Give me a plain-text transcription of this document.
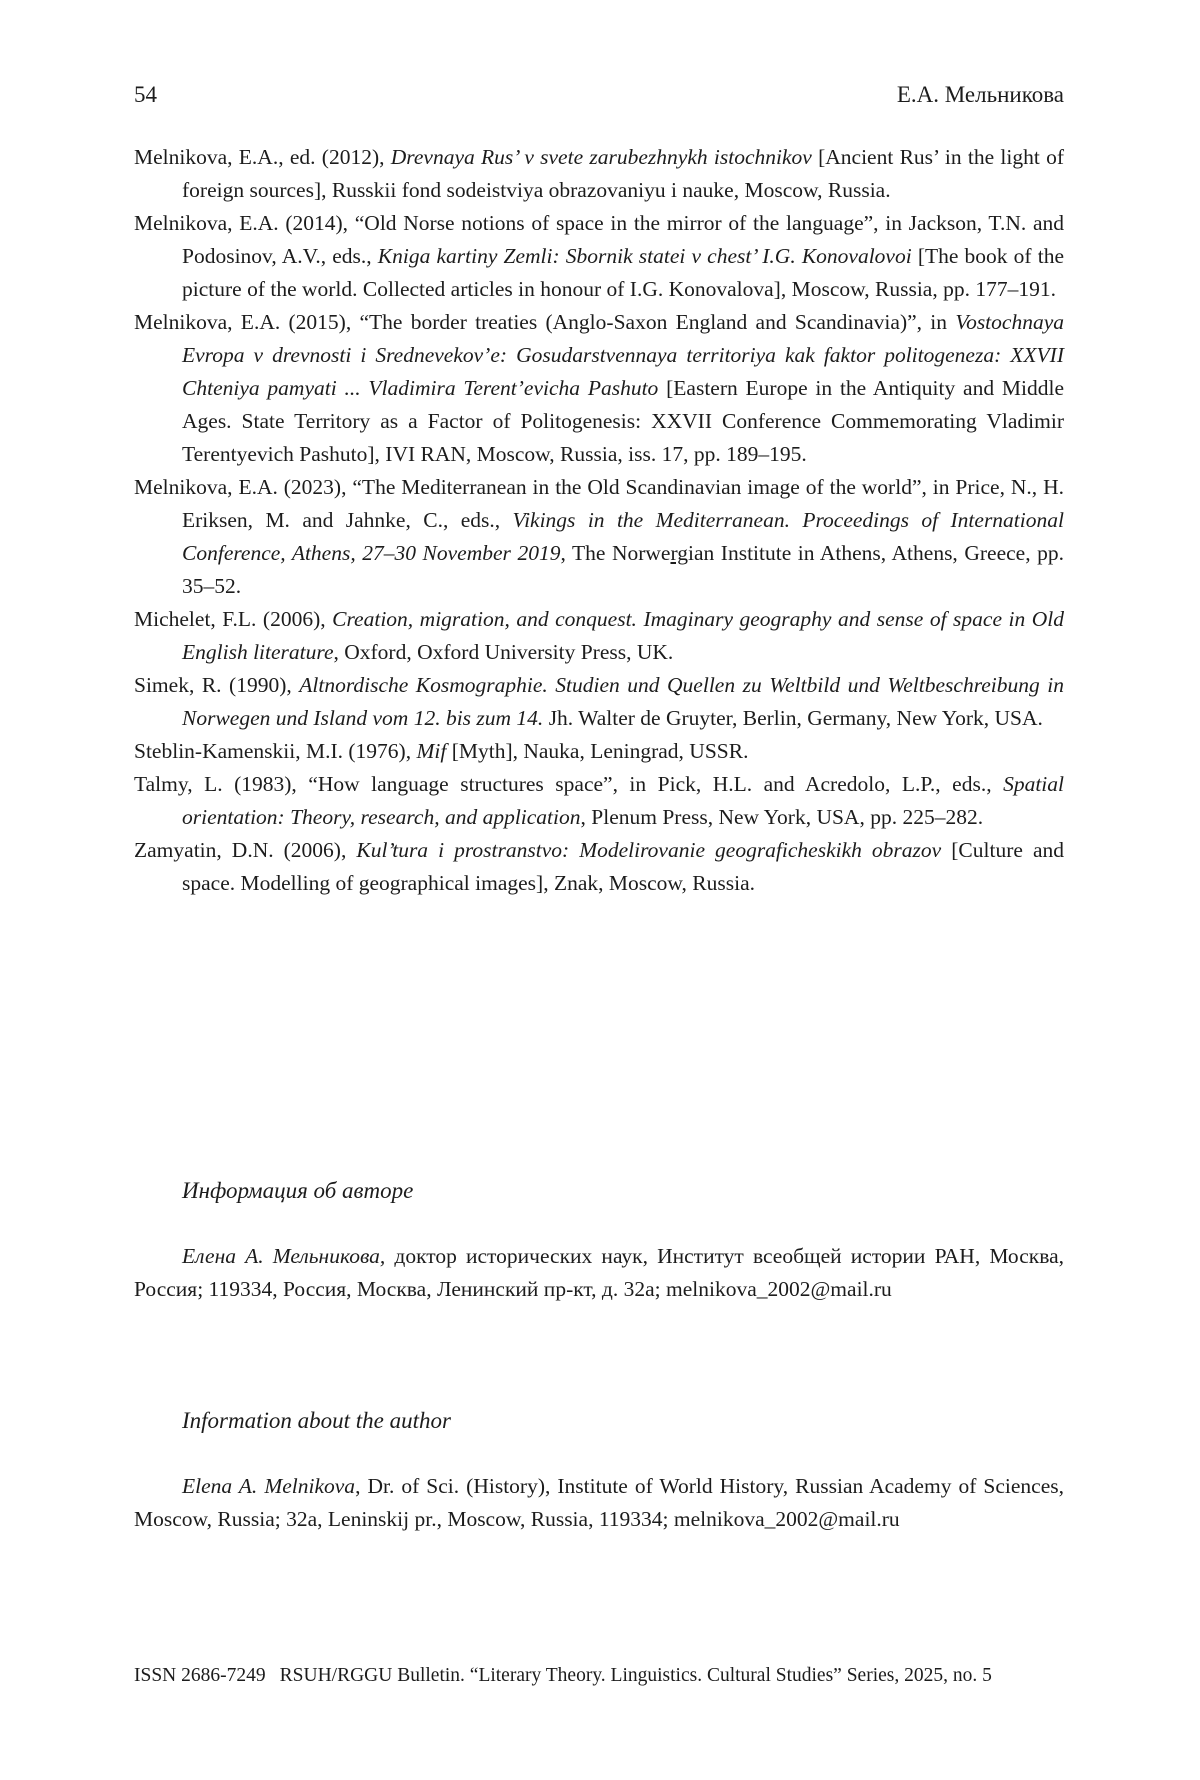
54	Е.А. Мельникова

Melnikova, E.A., ed. (2012), Drevnaya Rus’ v svete zarubezhnykh istochnikov [Ancient Rus’ in the light of foreign sources], Russkii fond sodeistviya obrazovaniyu i nauke, Moscow, Russia.

Melnikova, E.A. (2014), “Old Norse notions of space in the mirror of the language”, in Jackson, T.N. and Podosinov, A.V., eds., Kniga kartiny Zemli: Sbornik statei v chest’ I.G. Konovalovoi [The book of the picture of the world. Collected articles in honour of I.G. Konovalova], Moscow, Russia, pp. 177–191.

Melnikova, E.A. (2015), “The border treaties (Anglo-Saxon England and Scandinavia)”, in Vostochnaya Evropa v drevnosti i Srednevekov’e: Gosudarstvennaya territoriya kak faktor politogeneza: XXVII Chteniya pamyati ... Vladimira Terent’evicha Pashuto [Eastern Europe in the Antiquity and Middle Ages. State Territory as a Factor of Politogenesis: XXVII Conference Commemorating Vladimir Terentyevich Pashuto], IVI RAN, Moscow, Russia, iss. 17, pp. 189–195.

Melnikova, E.A. (2023), “The Mediterranean in the Old Scandinavian image of the world”, in Price, N., H. Eriksen, M. and Jahnke, C., eds., Vikings in the Mediterranean. Proceedings of International Conference, Athens, 27–30 November 2019, The Norwergian Institute in Athens, Athens, Greece, pp. 35–52.

Michelet, F.L. (2006), Creation, migration, and conquest. Imaginary geography and sense of space in Old English literature, Oxford, Oxford University Press, UK.

Simek, R. (1990), Altnordische Kosmographie. Studien und Quellen zu Weltbild und Weltbeschreibung in Norwegen und Island vom 12. bis zum 14. Jh. Walter de Gruyter, Berlin, Germany, New York, USA.

Steblin-Kamenskii, M.I. (1976), Mif [Myth], Nauka, Leningrad, USSR.

Talmy, L. (1983), “How language structures space”, in Pick, H.L. and Acredolo, L.P., eds., Spatial orientation: Theory, research, and application, Plenum Press, New York, USA, pp. 225–282.

Zamyatin, D.N. (2006), Kul’tura i prostranstvo: Modelirovanie geograficheskikh obrazov [Culture and space. Modelling of geographical images], Znak, Moscow, Russia.

Информация об авторе

Елена А. Мельникова, доктор исторических наук, Институт всеобщей истории РАН, Москва, Россия; 119334, Россия, Москва, Ленинский пр-кт, д. 32а; melnikova_2002@mail.ru

Information about the author

Elena A. Melnikova, Dr. of Sci. (History), Institute of World History, Russian Academy of Sciences, Moscow, Russia; 32a, Leninskij pr., Moscow, Russia, 119334; melnikova_2002@mail.ru

ISSN 2686-7249 RSUH/RGGU Bulletin. “Literary Theory. Linguistics. Cultural Studies” Series, 2025, no. 5
